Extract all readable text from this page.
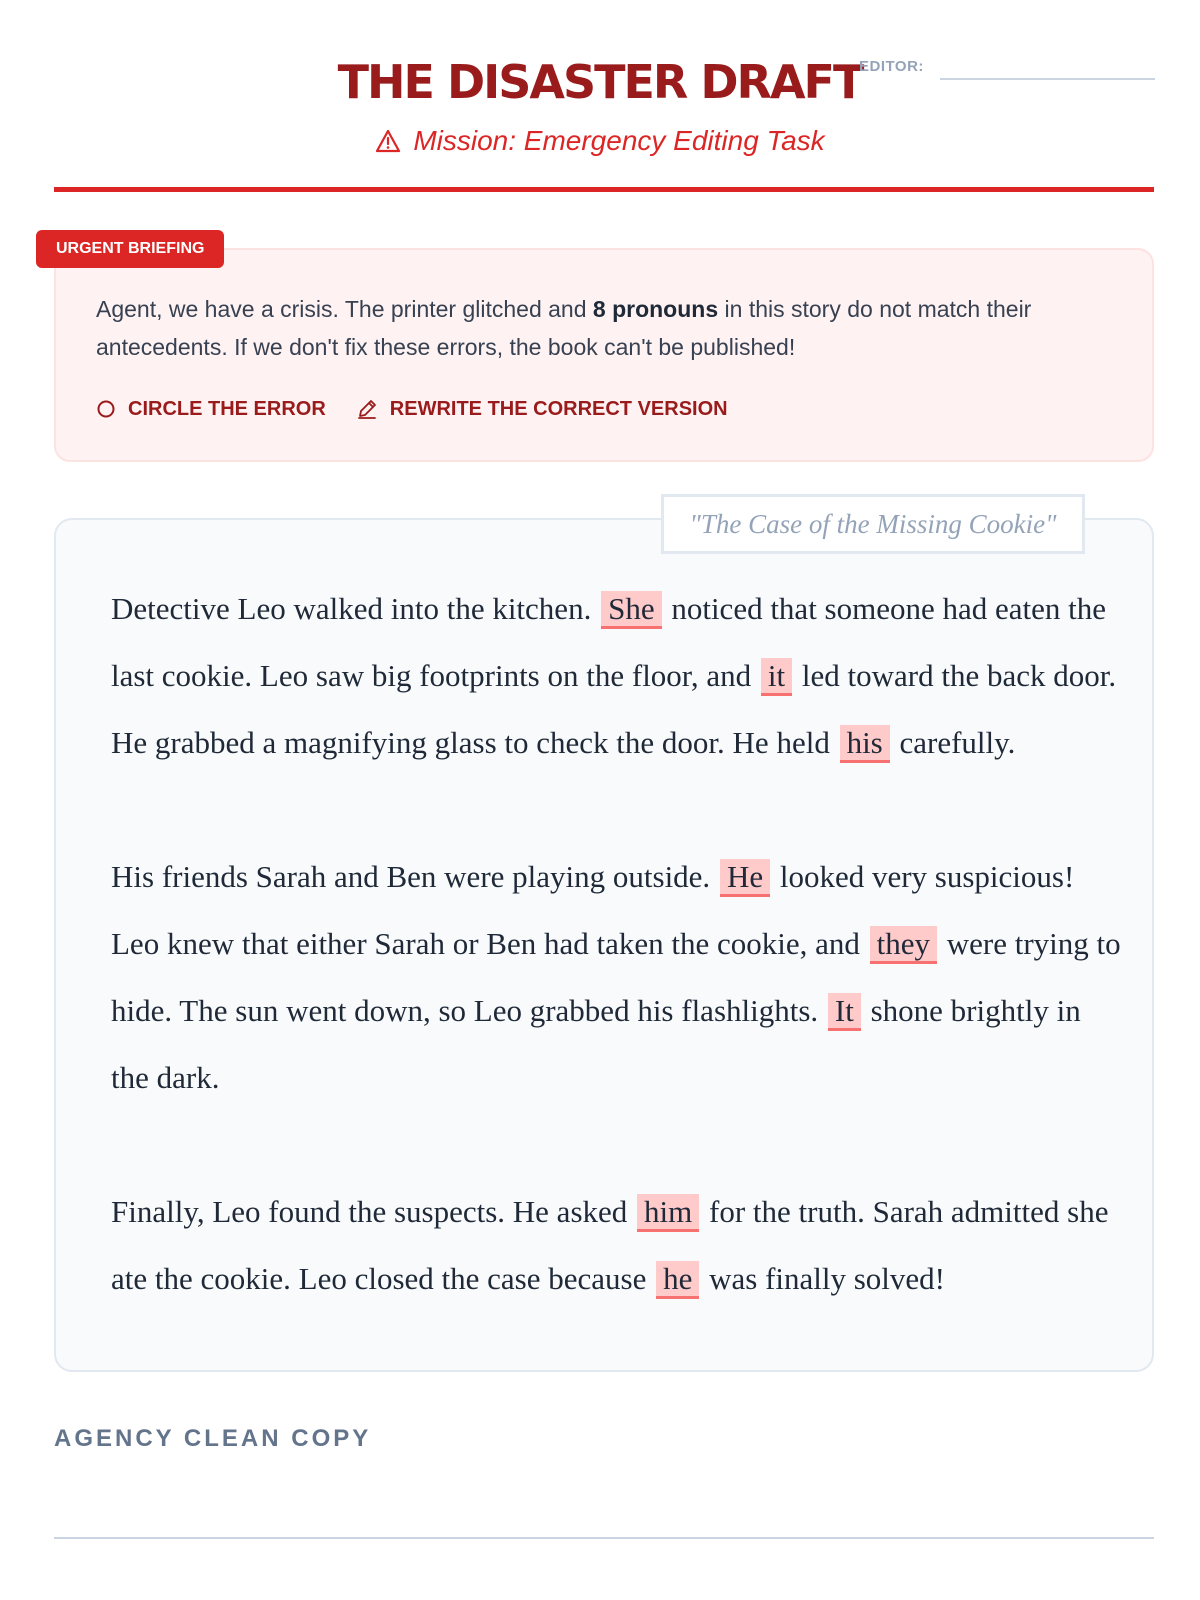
THE DISASTER DRAFT
Mission: Emergency Editing Task
EDITOR:
URGENT BRIEFING
Agent, we have a crisis. The printer glitched and 8 pronouns in this story do not match their antecedents. If we don't fix these errors, the book can't be published!
CIRCLE THE ERROR	REWRITE THE CORRECT VERSION
"The Case of the Missing Cookie"

Detective Leo walked into the kitchen. She noticed that someone had eaten the last cookie. Leo saw big footprints on the floor, and it led toward the back door. He grabbed a magnifying glass to check the door. He held his carefully.

His friends Sarah and Ben were playing outside. He looked very suspicious! Leo knew that either Sarah or Ben had taken the cookie, and they were trying to hide. The sun went down, so Leo grabbed his flashlights. It shone brightly in the dark.

Finally, Leo found the suspects. He asked him for the truth. Sarah admitted she ate the cookie. Leo closed the case because he was finally solved!

AGENCY CLEAN COPY
